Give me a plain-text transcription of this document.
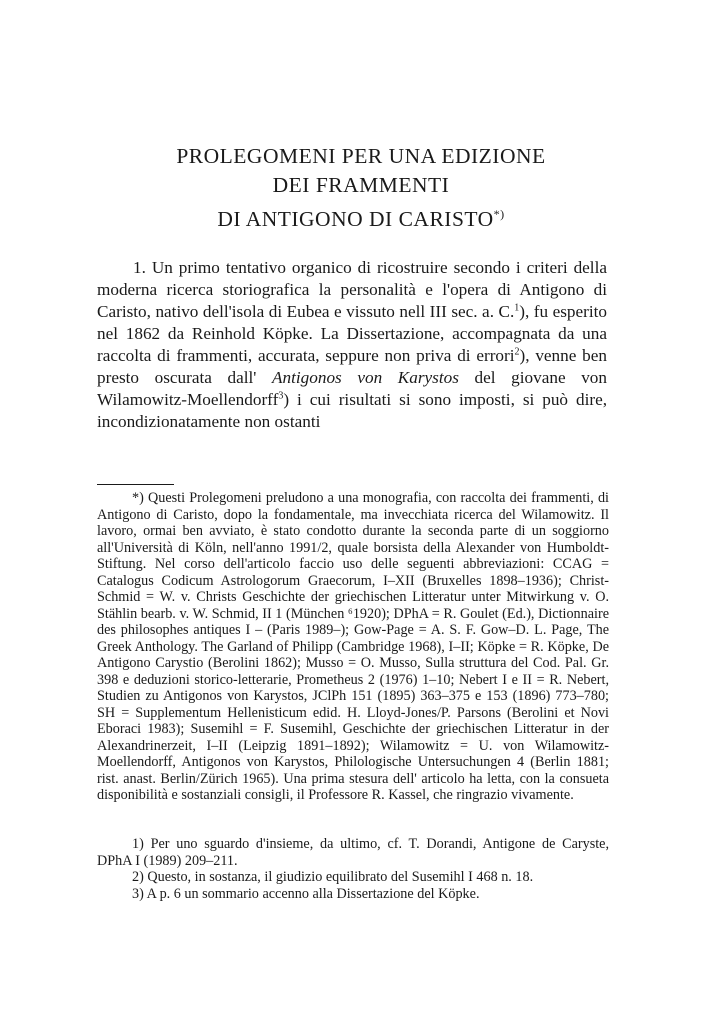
PROLEGOMENI PER UNA EDIZIONE
DEI FRAMMENTI
DI ANTIGONO DI CARISTO*)

1. Un primo tentativo organico di ricostruire secondo i criteri della moderna ricerca storiografica la personalità e l'opera di Antigono di Caristo, nativo dell'isola di Eubea e vissuto nell III sec. a. C.$^1$), fu esperito nel 1862 da Reinhold Köpke. La Dissertazione, accompagnata da una raccolta di frammenti, accurata, seppure non priva di errori$^2$), venne ben presto oscurata dall' Antigonos von Karystos del giovane von Wilamowitz-Moellendorff$^3$) i cui risultati si sono imposti, si può dire, incondizionatamente non ostanti

*) Questi Prolegomeni preludono a una monografia, con raccolta dei frammenti, di Antigono di Caristo, dopo la fondamentale, ma invecchiata ricerca del Wilamowitz. Il lavoro, ormai ben avviato, è stato condotto durante la seconda parte di un soggiorno all'Università di Köln, nell'anno 1991/2, quale borsista della Alexander von Humboldt-Stiftung. Nel corso dell'articolo faccio uso delle seguenti abbreviazioni: CCAG = Catalogus Codicum Astrologorum Graecorum, I–XII (Bruxelles 1898–1936); Christ-Schmid = W. v. Christs Geschichte der griechischen Litteratur unter Mitwirkung v. O. Stählin bearb. v. W. Schmid, II 1 (München ⁶1920); DPhA = R. Goulet (Ed.), Dictionnaire des philosophes antiques I – (Paris 1989–); Gow-Page = A. S. F. Gow–D. L. Page, The Greek Anthology. The Garland of Philipp (Cambridge 1968), I–II; Köpke = R. Köpke, De Antigono Carystio (Berolini 1862); Musso = O. Musso, Sulla struttura del Cod. Pal. Gr. 398 e deduzioni storico-letterarie, Prometheus 2 (1976) 1–10; Nebert I e II = R. Nebert, Studien zu Antigonos von Karystos, JClPh 151 (1895) 363–375 e 153 (1896) 773–780; SH = Supplementum Hellenisticum edid. H. Lloyd-Jones/P. Parsons (Berolini et Novi Eboraci 1983); Susemihl = F. Susemihl, Geschichte der griechischen Litteratur in der Alexandrinerzeit, I–II (Leipzig 1891–1892); Wilamowitz = U. von Wilamowitz-Moellendorff, Antigonos von Karystos, Philologische Untersuchungen 4 (Berlin 1881; rist. anast. Berlin/Zürich 1965). Una prima stesura dell' articolo ha letta, con la consueta disponibilità e sostanziali consigli, il Professore R. Kassel, che ringrazio vivamente.

1) Per uno sguardo d'insieme, da ultimo, cf. T. Dorandi, Antigone de Caryste, DPhA I (1989) 209–211.
2) Questo, in sostanza, il giudizio equilibrato del Susemihl I 468 n. 18.
3) A p. 6 un sommario accenno alla Dissertazione del Köpke.
